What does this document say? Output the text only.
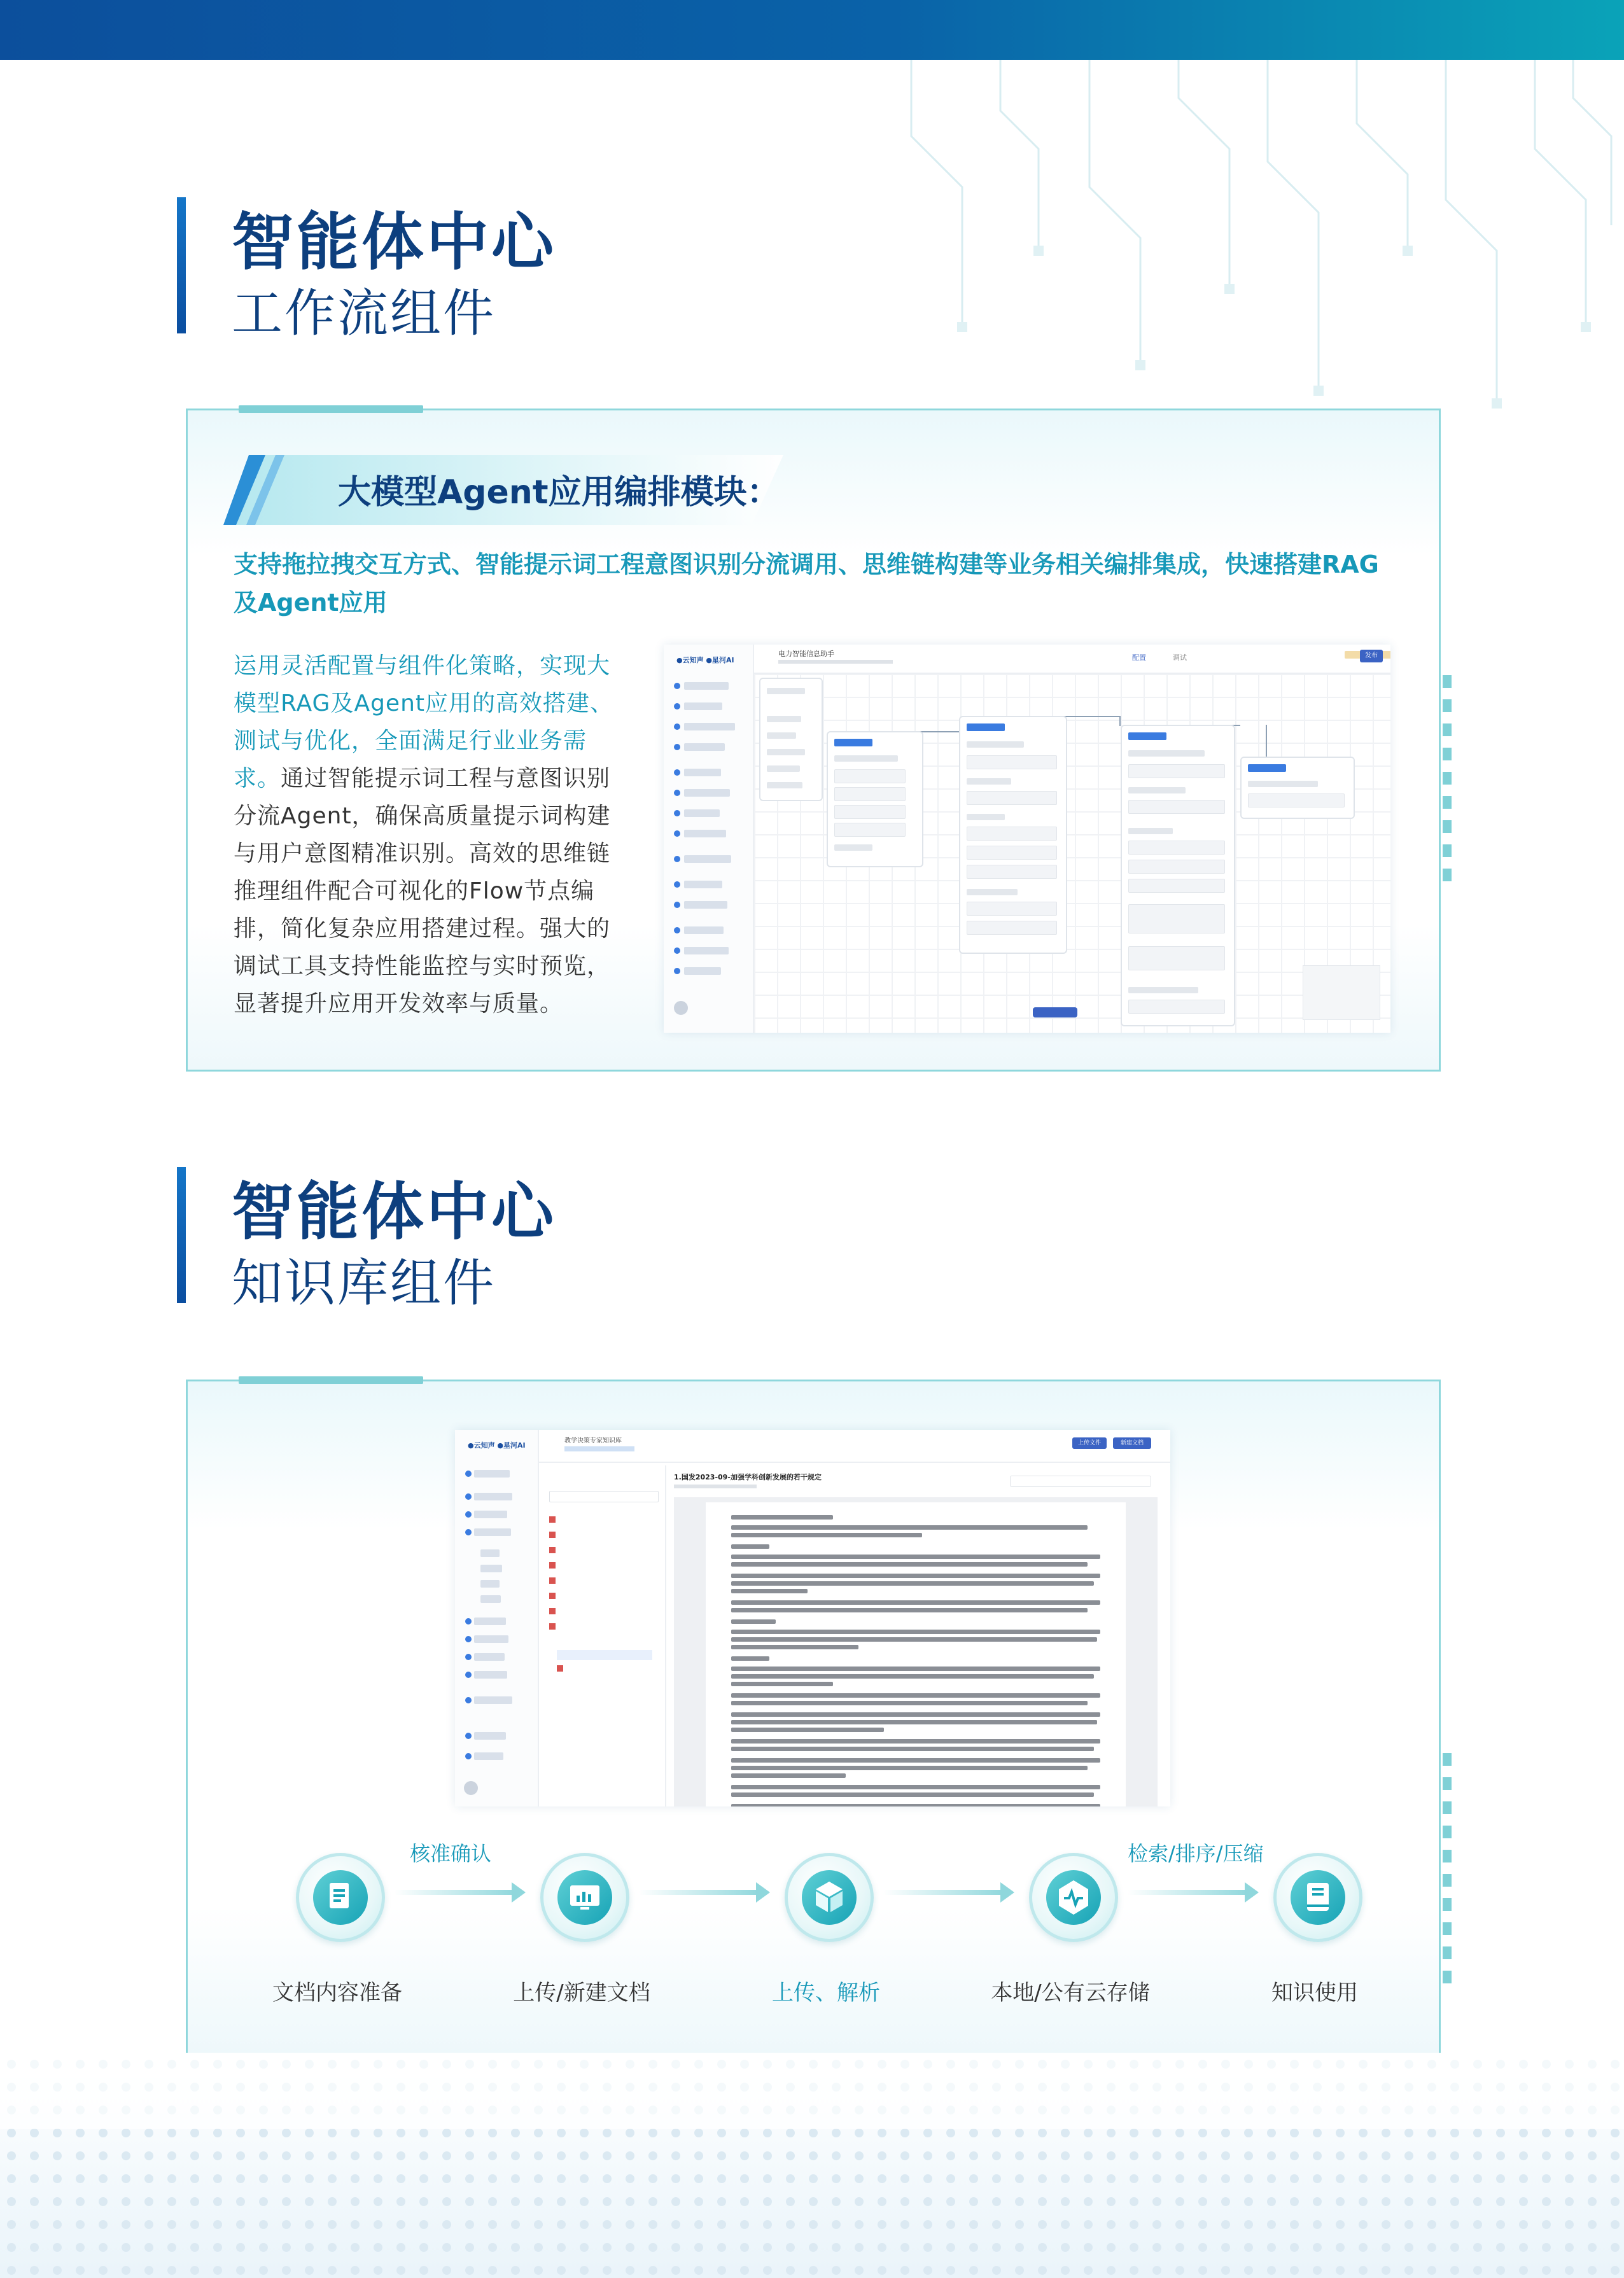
智能体中心
工作流组件
大模型Agent应用编排模块：
支持拖拉拽交互方式、智能提示词工程意图识别分流调用、思维链构建等业务相关编排集成，快速搭建RAG及Agent应用
运用灵活配置与组件化策略，实现大模型RAG及Agent应用的高效搭建、测试与优化，全面满足行业业务需求。通过智能提示词工程与意图识别分流Agent，确保高质量提示词构建与用户意图精准识别。高效的思维链推理组件配合可视化的Flow节点编排，简化复杂应用搭建过程。强大的调试工具支持性能监控与实时预览，显著提升应用开发效率与质量。
●云知声 ●星河AI
电力智能信息助手	配置	调试	发布
智能体中心
知识库组件
●云知声 ●星河AI
教学决策专家知识库	上传文件	新建文档
1.国发2023-09-加强学科创新发展的若干规定
核准确认	检索/排序/压缩
文档内容准备	上传/新建文档	上传、解析	本地/公有云存储	知识使用
